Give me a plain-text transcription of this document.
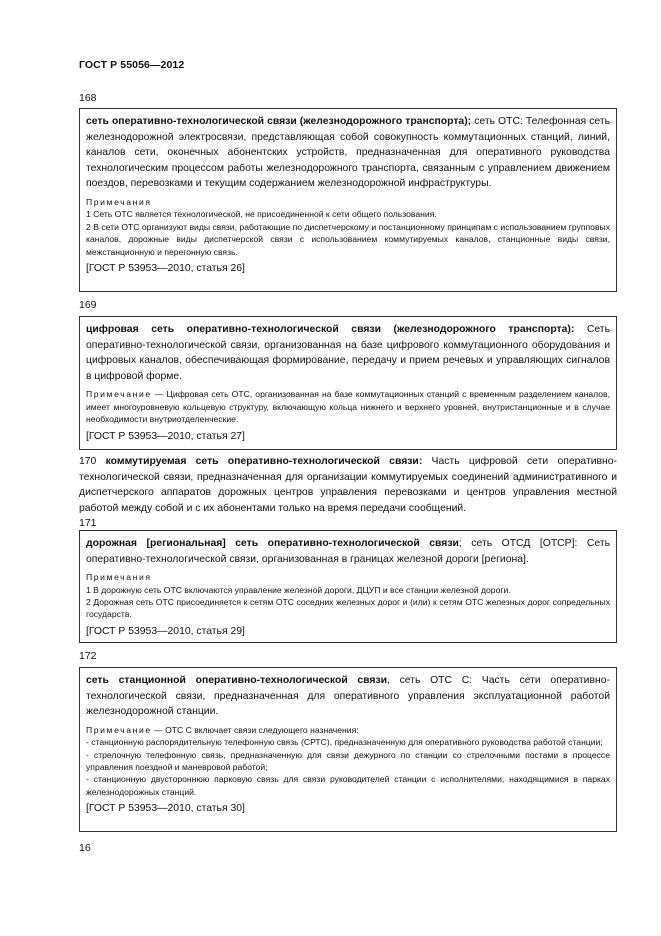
ГОСТ Р 55056—2012
168

сеть оперативно-технологической связи (железнодорожного транспорта); сеть ОТС: Телефонная сеть железнодорожной электросвязи, представляющая собой совокупность коммутационных станций, линий, каналов сети, оконечных абонентских устройств, предназначенная для оперативного руководства технологическим процессом работы железнодорожного транспорта, связанным с управлением движением поездов, перевозками и текущим содержанием железнодорожной инфраструктуры.

Примечания
1 Сеть ОТС является технологической, не присоединенной к сети общего пользования.
2 В сети ОТС организуют виды связи, работающие по диспетчерскому и постанционному принципам с использованием групповых каналов, дорожные виды диспетчерской связи с использованием коммутируемых каналов, станционные виды связи, межстанционную и перегонную связь.

[ГОСТ Р 53953—2010, статья 26]

169

цифровая сеть оперативно-технологической связи (железнодорожного транспорта): Сеть оперативно-технологической связи, организованная на базе цифрового коммутационного оборудования и цифровых каналов, обеспечивающая формирование, передачу и прием речевых и управляющих сигналов в цифровой форме.

Примечание — Цифровая сеть ОТС, организованная на базе коммутационных станций с временным разделением каналов, имеет многоуровневую кольцевую структуру, включающую кольца нижнего и верхнего уровней, внутристанционные и в случае необходимости внутриотделенческие.

[ГОСТ Р 53953—2010, статья 27]

170 коммутируемая сеть оперативно-технологической связи: Часть цифровой сети оперативно-технологической связи, предназначенная для организации коммутируемых соединений административного и диспетчерского аппаратов дорожных центров управления перевозками и центров управления местной работой между собой и с их абонентами только на время передачи сообщений.
171

дорожная [региональная] сеть оперативно-технологической связи; сеть ОТСД [ОТСР]: Сеть оперативно-технологической связи, организованная в границах железной дороги [региона].

Примечания
1 В дорожную сеть ОТС включаются управление железной дороги, ДЦУП и все станции железной дороги.
2 Дорожная сеть ОТС присоединяется к сетям ОТС соседних железных дорог и (или) к сетям ОТС железных дорог сопредельных государств.

[ГОСТ Р 53953—2010, статья 29]

172

сеть станционной оперативно-технологической связи, сеть ОТС С: Часть сети оперативно-технологической связи, предназначенная для оперативного управления эксплуатационной работой железнодорожной станции.

Примечание — ОТС С включает связи следующего назначения:
- станционную распорядительную телефонную связь (СРТС), предназначенную для оперативного руководства работой станции;
- стрелочную телефонную связь, предназначенную для связи дежурного по станции со стрелочными постами в процессе управления поездной и маневровой работой;
- станционную двустороннюю парковую связь для связи руководителей станции с исполнителями, находящимися в парках железнодорожных станций.

[ГОСТ Р 53953—2010, статья 30]

16
